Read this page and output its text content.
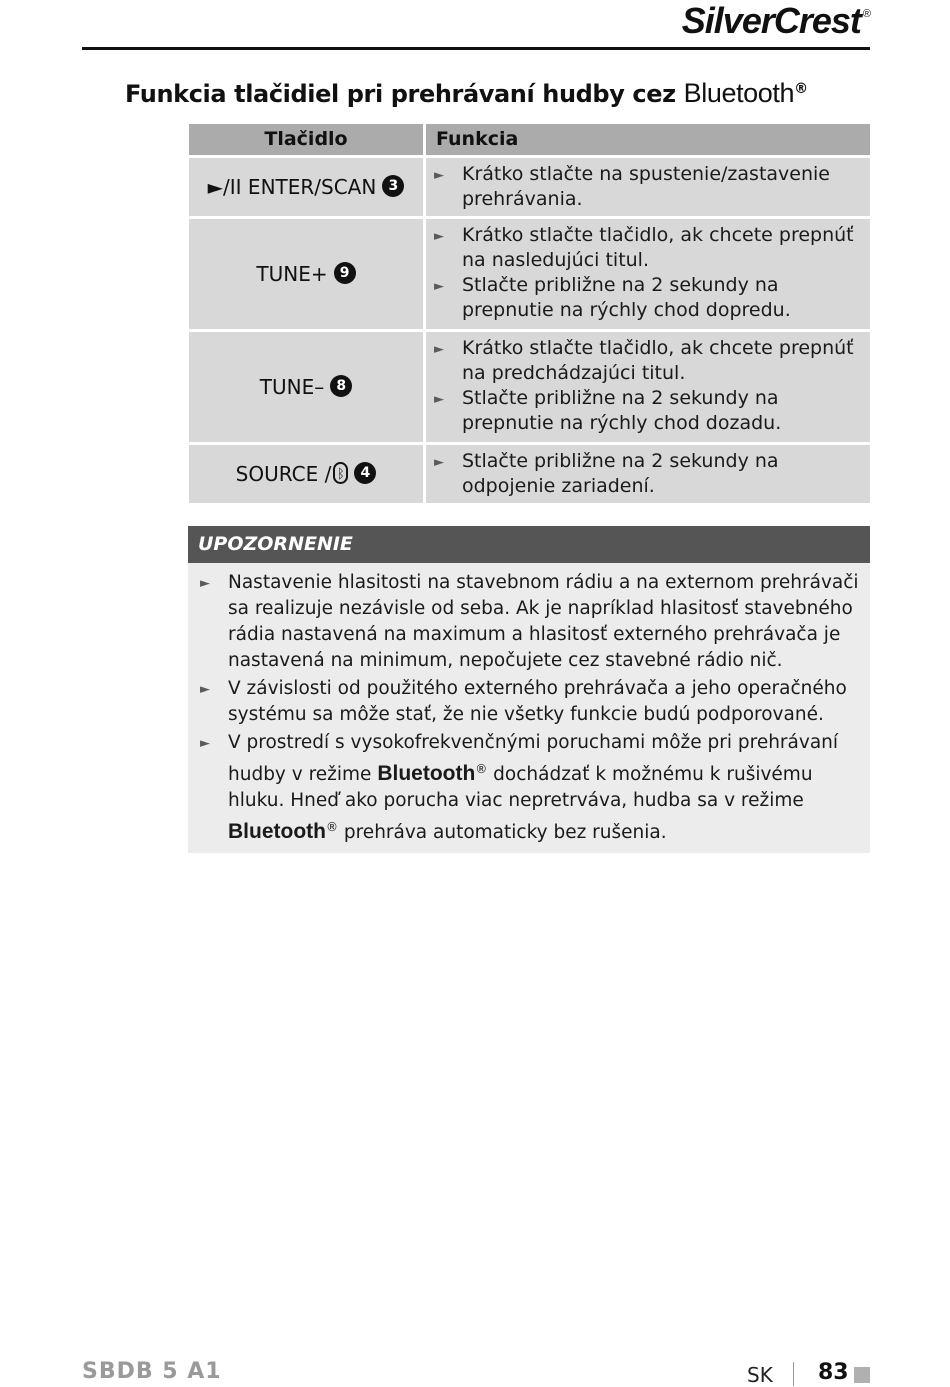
SilverCrest ®
Funkcia tlačidiel pri prehrávaní hudby cez Bluetooth®
Tlačidlo	Funkcia
►/II ENTER/SCAN 3	► Krátko stlačte na spustenie/zastavenie prehrávania.

TUNE+ 9	► Krátko stlačte tlačidlo, ak chcete prepnúť na nasledujúci titul.
► Stlačte približne na 2 sekundy na prepnutie na rýchly chod dopredu.

TUNE– 8	► Krátko stlačte tlačidlo, ak chcete prepnúť na predchádzajúci titul.
► Stlačte približne na 2 sekundy na prepnutie na rýchly chod dozadu.

SOURCE / ᛒ 4	► Stlačte približne na 2 sekundy na odpojenie zariadení.
UPOZORNENIE
► Nastavenie hlasitosti na stavebnom rádiu a na externom prehrávači sa realizuje nezávisle od seba. Ak je napríklad hlasitosť stavebného rádia nastavená na maximum a hlasitosť externého prehrávača je nastavená na minimum, nepočujete cez stavebné rádio nič.
► V závislosti od použitého externého prehrávača a jeho operačného systému sa môže stať, že nie všetky funkcie budú podporované.
► V prostredí s vysokofrekvenčnými poruchami môže pri prehrávaní hudby v režime Bluetooth® dochádzať k možnému k rušivému hluku. Hneď ako porucha viac nepretrváva, hudba sa v režime Bluetooth® prehráva automaticky bez rušenia.
SBDB 5 A1	SK 83
